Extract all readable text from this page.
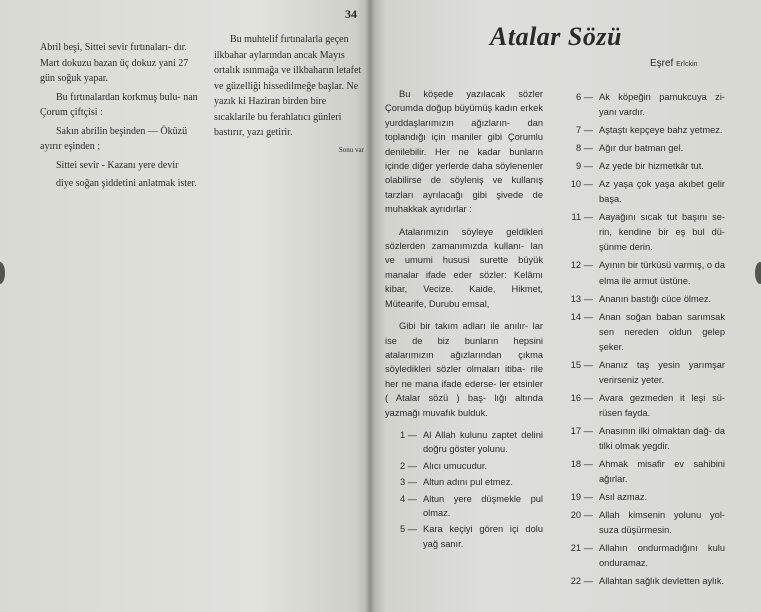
Abril beşi, Sittei sevir fırtınaları- dır. Mart dokuzu bazan üç dokuz yani 27 gün soğuk yapar.

Bu fırtınalardan korkmuş bulu- nan Çorum çiftçisi :

Sakın abrilin beşinden — Öküzü ayırır eşinden ;

Sittei sevir - Kazanı yere devir

diye soğan şiddetini anlatmak ister.

Bu muhtelif fırtınalarla geçen ilkbahar aylarından ancak Mayıs ortalık ısınmağa ve ilkbaharın letafet ve güzelliği hissedilmeğe başlar. Ne yazık ki Haziran birden bire sıcaklarile bu ferahlatıcı günleri bastırır, yazı getirir.

Sonu var
34
Atalar Sözü
Eşref Erîckin

Bu köşede yazılacak sözler Çorumda doğup büyümüş kadın erkek yurddaşlarımızın ağızların- dan toplandığı için maniler gibi Çorumlu denilebilir. Her ne kadar bunların içinde diğer yerlerde daha söylenenler olabilirse de söyleniş ve kullanış tarzları ayrılacağı gibi şivede de muhakkak ayrıdırlar :

Atalarımızın söyleye geldikleri sözlerden zamanımızda kullanı- lan ve umumi hususi surette büyük manalar ifade eder sözler: Kelâmı kibar, Vecize. Kaide, Hikmet, Mütearife, Durubu emsal,

Gibi bir takım adları ile anılır- lar ise de biz bunların hepsini atalarımızın ağızlarından çıkma söyledikleri sözler olmaları itiba- rile her ne mana ifade ederse- ler etsinler ( Atalar sözü ) baş- lığı altında yazmağı muvafık bulduk.

1 — Al Allah kulunu zaptet delini doğru göster yolunu.
2 — Alıcı umucudur.
3 — Altun adını pul etmez.
4 — Altun yere düşmekle pul olmaz.
5 — Kara keçiyi gören içi dolu yağ sanır.
6 — Ak köpeğin pamukcuya zi- yanı vardır.
7 — Aştaştı kepçeye bahz yetmez.
8 — Ağır dur batman gel.
9 — Az yede bir hizmetkâr tut.
10 — Az yaşa çok yaşa akıbet gelir başa.
11 — Aayağını sıcak tut başını se- rin, kendine bir eş bul dü- şünme derin.
12 — Ayının bir türküsü varmış, o da elma ile armut üstüne.
13 — Ananın bastığı cüce ölmez.
14 — Anan soğan baban sarımsak sen nereden oldun gelep şeker.
15 — Ananız taş yesin yarımşar verirseniz yeter.
16 — Avara gezmeden it leşi sü- rüsen fayda.
17 — Anasının ilki olmaktan dağ- da tilki olmak yegdir.
18 — Ahmak misafir ev sahibini ağırlar.
19 — Asıl azmaz.
20 — Allah kimsenin yolunu yol- suza düşürmesin.
21 — Allahın ondurmadığını kulu onduramaz.
22 — Allahtan sağlık devletten aylık.
